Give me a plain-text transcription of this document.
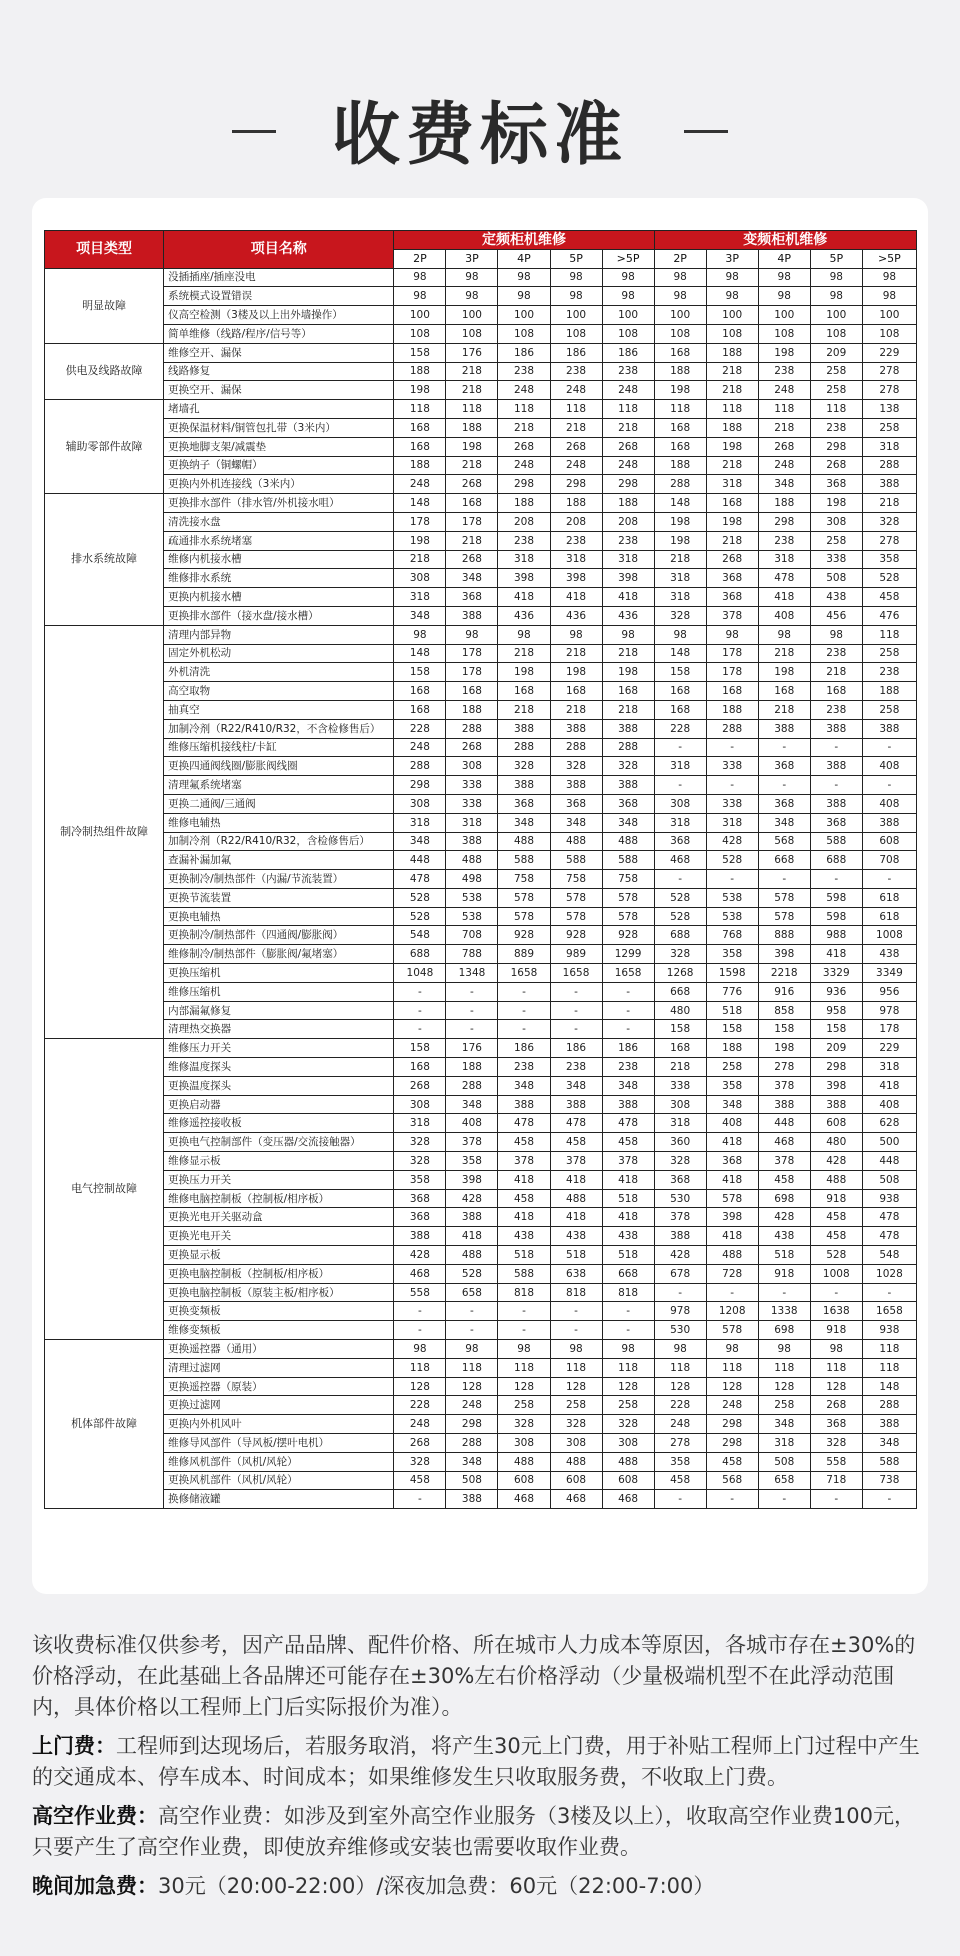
收费标准
项目类型	项目名称	定频柜机维修					变频柜机维修				
		2P	3P	4P	5P	>5P	2P	3P	4P	5P	>5P
明显故障	没插插座/插座没电	98	98	98	98	98	98	98	98	98	98
	系统模式设置错误	98	98	98	98	98	98	98	98	98	98
	仪高空检测（3楼及以上出外墙操作）	100	100	100	100	100	100	100	100	100	100
	简单维修（线路/程序/信号等）	108	108	108	108	108	108	108	108	108	108
供电及线路故障	维修空开、漏保	158	176	186	186	186	168	188	198	209	229
	线路修复	188	218	238	238	238	188	218	238	258	278
	更换空开、漏保	198	218	248	248	248	198	218	248	258	278
辅助零部件故障	堵墙孔	118	118	118	118	118	118	118	118	118	138
	更换保温材料/铜管包扎带（3米内）	168	188	218	218	218	168	188	218	238	258
	更换地脚支架/减震垫	168	198	268	268	268	168	198	268	298	318
	更换纳子（铜螺帽）	188	218	248	248	248	188	218	248	268	288
	更换内外机连接线（3米内）	248	268	298	298	298	288	318	348	368	388
排水系统故障	更换排水部件（排水管/外机接水咀）	148	168	188	188	188	148	168	188	198	218
	清洗接水盘	178	178	208	208	208	198	198	298	308	328
	疏通排水系统堵塞	198	218	238	238	238	198	218	238	258	278
	维修内机接水槽	218	268	318	318	318	218	268	318	338	358
	维修排水系统	308	348	398	398	398	318	368	478	508	528
	更换内机接水槽	318	368	418	418	418	318	368	418	438	458
	更换排水部件（接水盘/接水槽）	348	388	436	436	436	328	378	408	456	476
制冷制热组件故障	清理内部异物	98	98	98	98	98	98	98	98	98	118
	固定外机松动	148	178	218	218	218	148	178	218	238	258
	外机清洗	158	178	198	198	198	158	178	198	218	238
	高空取物	168	168	168	168	168	168	168	168	168	188
	抽真空	168	188	218	218	218	168	188	218	238	258
	加制冷剂（R22/R410/R32，不含检修售后）	228	288	388	388	388	228	288	388	388	388
	维修压缩机接线柱/卡缸	248	268	288	288	288	-	-	-	-	-
	更换四通阀线圈/膨胀阀线圈	288	308	328	328	328	318	338	368	388	408
	清理氟系统堵塞	298	338	388	388	388	-	-	-	-	-
	更换二通阀/三通阀	308	338	368	368	368	308	338	368	388	408
	维修电辅热	318	318	348	348	348	318	318	348	368	388
	加制冷剂（R22/R410/R32，含检修售后）	348	388	488	488	488	368	428	568	588	608
	查漏补漏加氟	448	488	588	588	588	468	528	668	688	708
	更换制冷/制热部件（内漏/节流装置）	478	498	758	758	758	-	-	-	-	-
	更换节流装置	528	538	578	578	578	528	538	578	598	618
	更换电辅热	528	538	578	578	578	528	538	578	598	618
	更换制冷/制热部件（四通阀/膨胀阀）	548	708	928	928	928	688	768	888	988	1008
	维修制冷/制热部件（膨胀阀/氟堵塞）	688	788	889	989	1299	328	358	398	418	438
	更换压缩机	1048	1348	1658	1658	1658	1268	1598	2218	3329	3349
	维修压缩机	-	-	-	-	-	668	776	916	936	956
	内部漏氟修复	-	-	-	-	-	480	518	858	958	978
	清理热交换器	-	-	-	-	-	158	158	158	158	178
电气控制故障	维修压力开关	158	176	186	186	186	168	188	198	209	229
	维修温度探头	168	188	238	238	238	218	258	278	298	318
	更换温度探头	268	288	348	348	348	338	358	378	398	418
	更换启动器	308	348	388	388	388	308	348	388	388	408
	维修遥控接收板	318	408	478	478	478	318	408	448	608	628
	更换电气控制部件（变压器/交流接触器）	328	378	458	458	458	360	418	468	480	500
	维修显示板	328	358	378	378	378	328	368	378	428	448
	更换压力开关	358	398	418	418	418	368	418	458	488	508
	维修电脑控制板（控制板/相序板）	368	428	458	488	518	530	578	698	918	938
	更换光电开关驱动盒	368	388	418	418	418	378	398	428	458	478
	更换光电开关	388	418	438	438	438	388	418	438	458	478
	更换显示板	428	488	518	518	518	428	488	518	528	548
	更换电脑控制板（控制板/相序板）	468	528	588	638	668	678	728	918	1008	1028
	更换电脑控制板（原装主板/相序板）	558	658	818	818	818	-	-	-	-	-
	更换变频板	-	-	-	-	-	978	1208	1338	1638	1658
	维修变频板	-	-	-	-	-	530	578	698	918	938
机体部件故障	更换遥控器（通用）	98	98	98	98	98	98	98	98	98	118
	清理过滤网	118	118	118	118	118	118	118	118	118	118
	更换遥控器（原装）	128	128	128	128	128	128	128	128	128	148
	更换过滤网	228	248	258	258	258	228	248	258	268	288
	更换内外机风叶	248	298	328	328	328	248	298	348	368	388
	维修导风部件（导风板/摆叶电机）	268	288	308	308	308	278	298	318	328	348
	维修风机部件（风机/风轮）	328	348	488	488	488	358	458	508	558	588
	更换风机部件（风机/风轮）	458	508	608	608	608	458	568	658	718	738
	换修储液罐	-	388	468	468	468	-	-	-	-	-

该收费标准仅供参考，因产品品牌、配件价格、所在城市人力成本等原因，各城市存在±30%的价格浮动，在此基础上各品牌还可能存在±30%左右价格浮动（少量极端机型不在此浮动范围内，具体价格以工程师上门后实际报价为准）。

上门费：工程师到达现场后，若服务取消，将产生30元上门费，用于补贴工程师上门过程中产生的交通成本、停车成本、时间成本；如果维修发生只收取服务费，不收取上门费。

高空作业费：高空作业费：如涉及到室外高空作业服务（3楼及以上），收取高空作业费100元，只要产生了高空作业费，即使放弃维修或安装也需要收取作业费。

晚间加急费：30元（20:00-22:00）/深夜加急费：60元（22:00-7:00）
